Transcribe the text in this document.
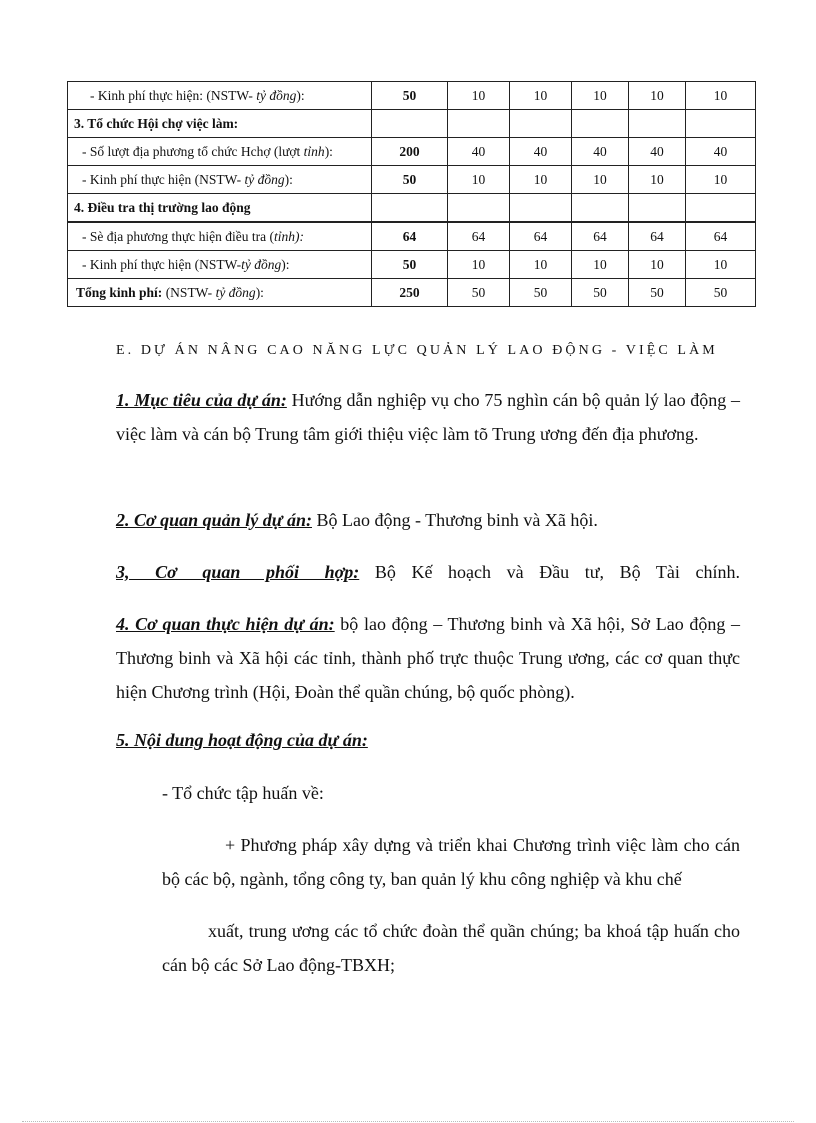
- Kinh phí thực hiện: (NSTW- tỷ đồng):	50	10	10	10	10	10
3. Tổ chức Hội chợ việc làm:						
- Số lượt địa phương tổ chức Hchợ (lượt tỉnh):	200	40	40	40	40	40
- Kinh phí thực hiện (NSTW- tỷ đồng):	50	10	10	10	10	10
4. Điều tra thị trường lao động						
- Sè địa phương thực hiện điều tra (tỉnh):	64	64	64	64	64	64
- Kinh phí thực hiện (NSTW-tỷ đồng):	50	10	10	10	10	10
Tổng kinh phí: (NSTW- tỷ đồng):	250	50	50	50	50	50
E. DỰ ÁN NÂNG CAO NĂNG LỰC QUẢN LÝ LAO ĐỘNG - VIỆC LÀM
1. Mục tiêu của dự án: Hướng dẫn nghiệp vụ cho 75 nghìn cán bộ quản lý lao động – việc làm và cán bộ Trung tâm giới thiệu việc làm tõ Trung ương đến địa phương.
2. Cơ quan quản lý dự án: Bộ Lao động - Thương binh và Xã hội.
3, Cơ quan phối hợp: Bộ Kế hoạch và Đầu tư, Bộ Tài chính.
4. Cơ quan thực hiện dự án: bộ lao động – Thương binh và Xã hội, Sở Lao động – Thương binh và Xã hội các tỉnh, thành phố trực thuộc Trung ương, các cơ quan thực hiện Chương trình (Hội, Đoàn thể quần chúng, bộ quốc phòng).
5. Nội dung hoạt động của dự án:
- Tổ chức tập huấn về:
+ Phương pháp xây dựng và triển khai Chương trình việc làm cho cán bộ các bộ, ngành, tổng công ty, ban quản lý khu công nghiệp và khu chế
xuất, trung ương các tổ chức đoàn thể quần chúng; ba khoá tập huấn cho cán bộ các Sở Lao động-TBXH;
